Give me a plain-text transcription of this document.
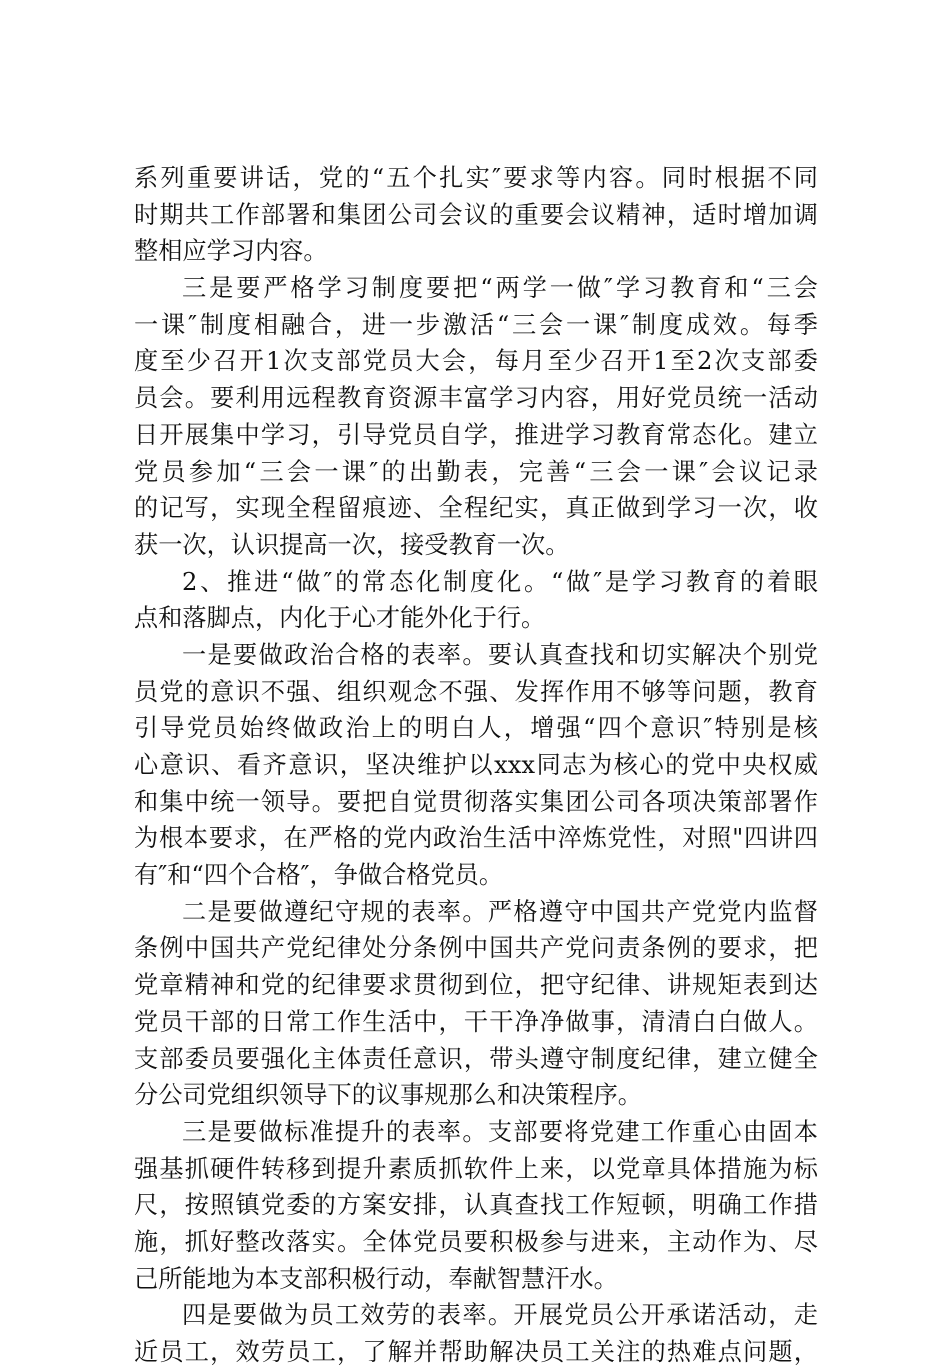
系列重要讲话，党的“五个扎实″要求等内容。同时根据不同
时期共工作部署和集团公司会议的重要会议精神，适时增加调
整相应学习内容。
三是要严格学习制度要把“两学一做″学习教育和“三会
一课″制度相融合，进一步激活“三会一课″制度成效。每季
度至少召开1次支部党员大会，每月至少召开1至2次支部委
员会。要利用远程教育资源丰富学习内容，用好党员统一活动
日开展集中学习，引导党员自学，推进学习教育常态化。建立
党员参加“三会一课″的出勤表，完善“三会一课″会议记录
的记写，实现全程留痕迹、全程纪实，真正做到学习一次，收
获一次，认识提高一次，接受教育一次。
2、推进“做″的常态化制度化。“做″是学习教育的着眼
点和落脚点，内化于心才能外化于行。
一是要做政治合格的表率。要认真查找和切实解决个别党
员党的意识不强、组织观念不强、发挥作用不够等问题，教育
引导党员始终做政治上的明白人，增强“四个意识″特别是核
心意识、看齐意识，坚决维护以xxx同志为核心的党中央权威
和集中统一领导。要把自觉贯彻落实集团公司各项决策部署作
为根本要求，在严格的党内政治生活中淬炼党性，对照"四讲四
有″和“四个合格″，争做合格党员。
二是要做遵纪守规的表率。严格遵守中国共产党党内监督
条例中国共产党纪律处分条例中国共产党问责条例的要求，把
党章精神和党的纪律要求贯彻到位，把守纪律、讲规矩表到达
党员干部的日常工作生活中，干干净净做事，清清白白做人。
支部委员要强化主体责任意识，带头遵守制度纪律，建立健全
分公司党组织领导下的议事规那么和决策程序。
三是要做标准提升的表率。支部要将党建工作重心由固本
强基抓硬件转移到提升素质抓软件上来，以党章具体措施为标
尺，按照镇党委的方案安排，认真查找工作短顿，明确工作措
施，抓好整改落实。全体党员要积极参与进来，主动作为、尽
己所能地为本支部积极行动，奉献智慧汗水。
四是要做为员工效劳的表率。开展党员公开承诺活动，走
近员工，效劳员工，了解并帮助解决员工关注的热难点问题，
